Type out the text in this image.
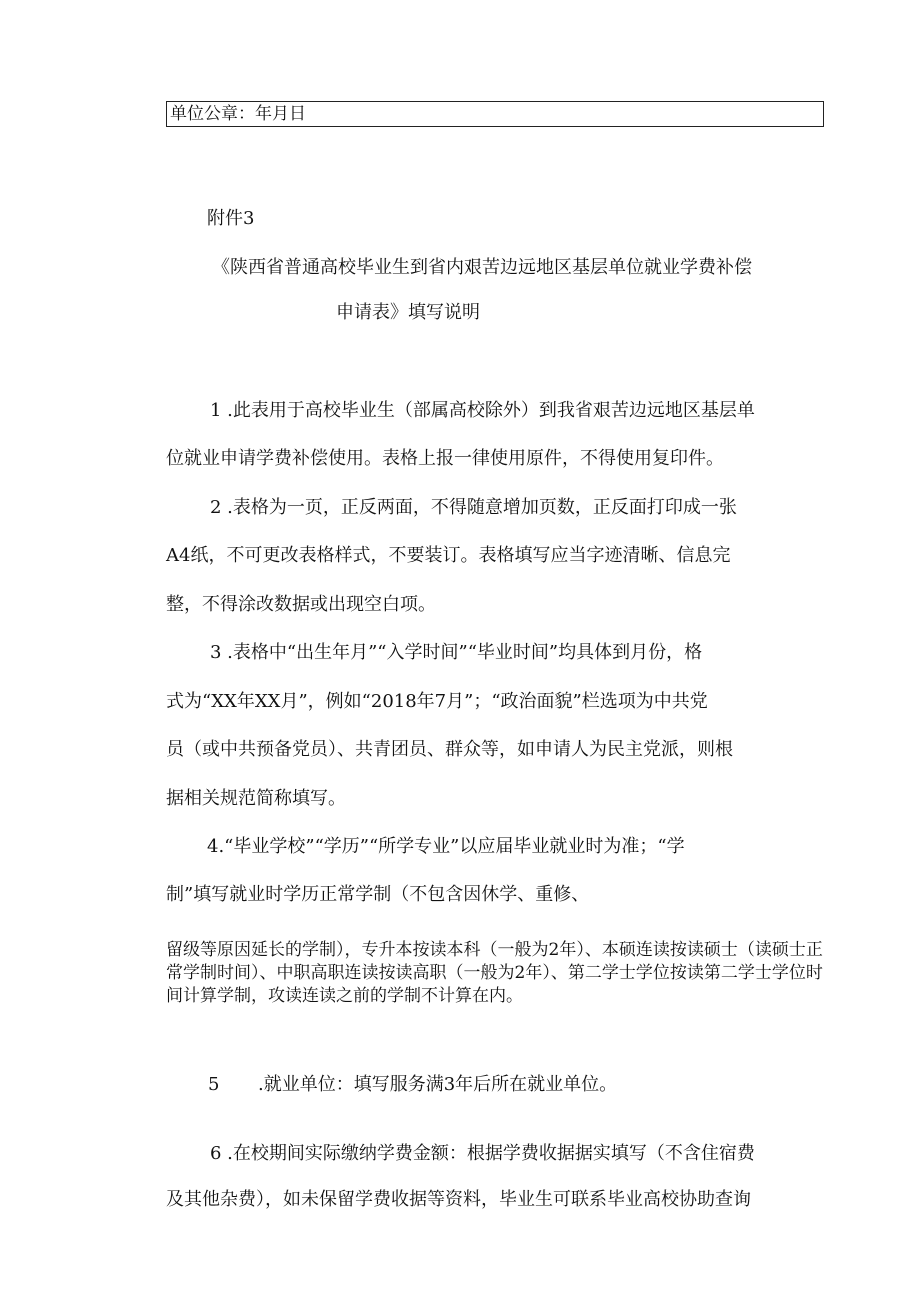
单位公章：年月日
附件3
《陕西省普通高校毕业生到省内艰苦边远地区基层单位就业学费补偿
申请表》填写说明
1 .此表用于高校毕业生（部属高校除外）到我省艰苦边远地区基层单
位就业申请学费补偿使用。表格上报一律使用原件，不得使用复印件。
2 .表格为一页，正反两面，不得随意增加页数，正反面打印成一张
A4纸，不可更改表格样式，不要装订。表格填写应当字迹清晰、信息完
整，不得涂改数据或出现空白项。
3 .表格中“出生年月”“入学时间”“毕业时间”均具体到月份，格
式为“XX年XX月”，例如“2018年7月”；“政治面貌”栏选项为中共党
员（或中共预备党员）、共青团员、群众等，如申请人为民主党派，则根
据相关规范简称填写。
4.“毕业学校”“学历”“所学专业”以应届毕业就业时为准；“学
制”填写就业时学历正常学制（不包含因休学、重修、
留级等原因延长的学制），专升本按读本科（一般为2年）、本硕连读按读硕士（读硕士正常学制时间）、中职高职连读按读高职（一般为2年）、第二学士学位按读第二学士学位时间计算学制，攻读连读之前的学制不计算在内。
5 .就业单位：填写服务满3年后所在就业单位。
6 .在校期间实际缴纳学费金额：根据学费收据据实填写（不含住宿费
及其他杂费），如未保留学费收据等资料，毕业生可联系毕业高校协助查询
